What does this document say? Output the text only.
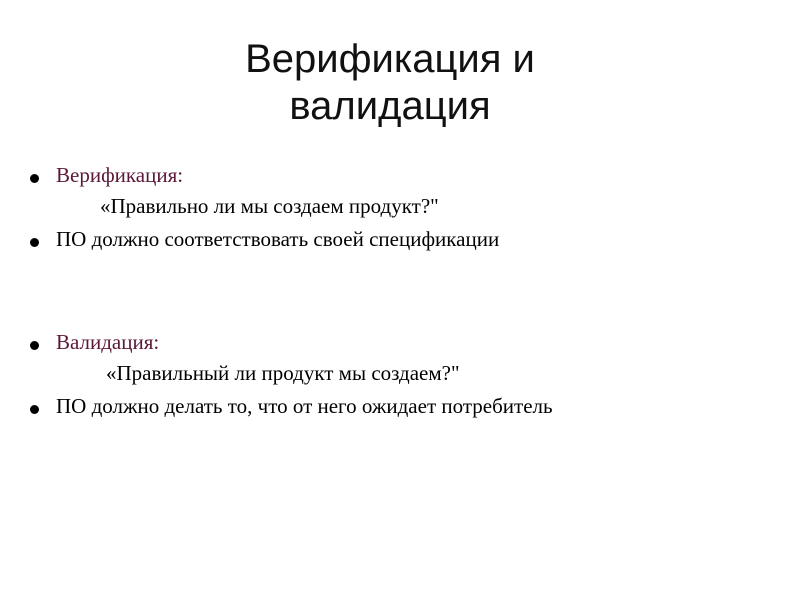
Верификация и
валидация
Верификация:
«Правильно ли мы создаем продукт?"
ПО должно соответствовать своей спецификации
Валидация:
«Правильный ли продукт мы создаем?"
ПО должно делать то, что от него ожидает потребитель
